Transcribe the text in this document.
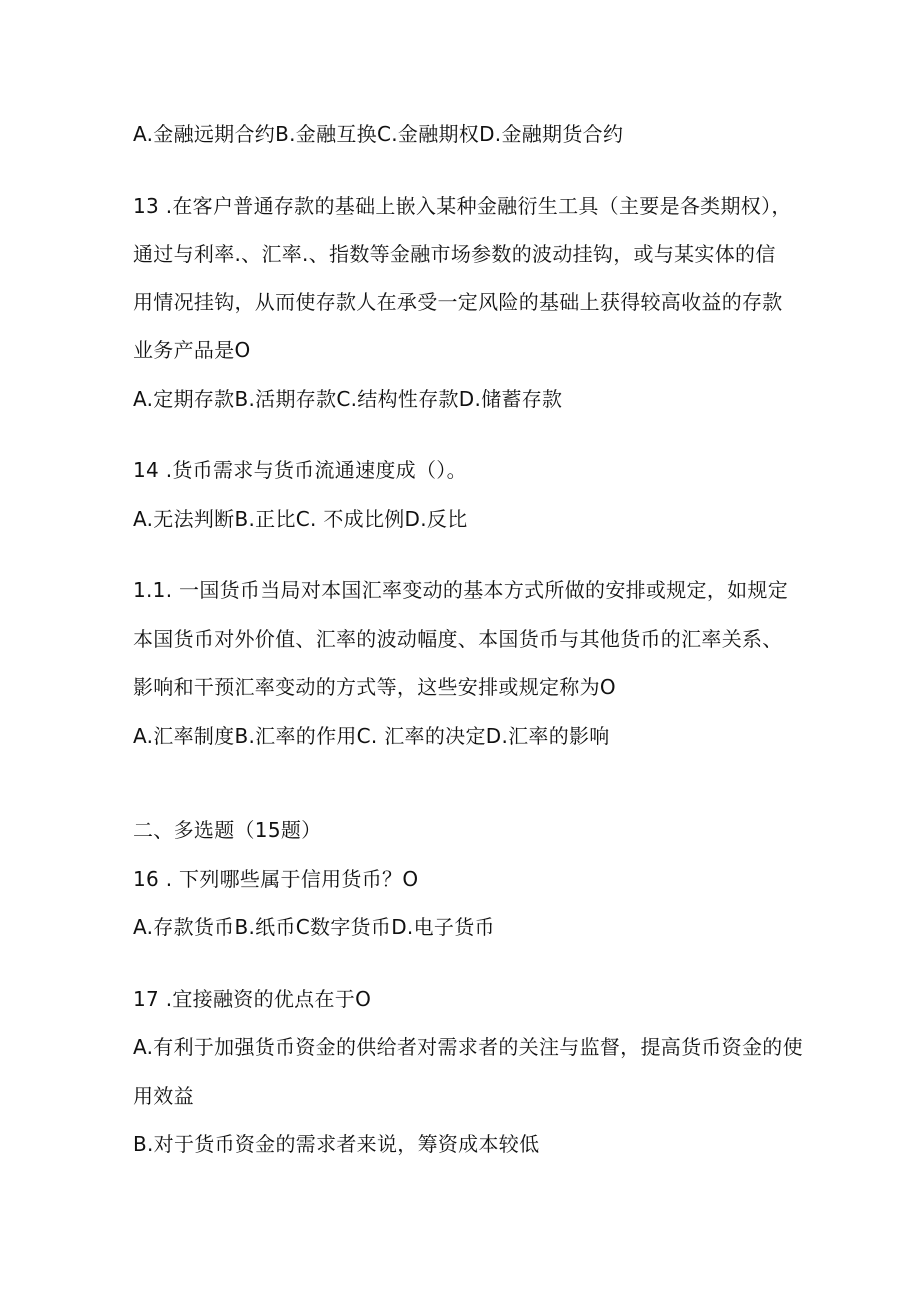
A.金融远期合约B.金融互换C.金融期权D.金融期货合约

13 .在客户普通存款的基础上嵌入某种金融衍生工具（主要是各类期权），

通过与利率.、汇率.、指数等金融市场参数的波动挂钩，或与某实体的信

用情况挂钩，从而使存款人在承受一定风险的基础上获得较高收益的存款

业务产品是O

A.定期存款B.活期存款C.结构性存款D.储蓄存款

14 .货币需求与货币流通速度成（）。

A.无法判断B.正比C. 不成比例D.反比

1.1. 一国货币当局对本国汇率变动的基本方式所做的安排或规定，如规定

本国货币对外价值、汇率的波动幅度、本国货币与其他货币的汇率关系、

影响和干预汇率变动的方式等，这些安排或规定称为O

A.汇率制度B.汇率的作用C. 汇率的决定D.汇率的影响

二、多选题（15题）

16 . 下列哪些属于信用货币？O

A.存款货币B.纸币C数字货币D.电子货币

17 .宜接融资的优点在于O

A.有利于加强货币资金的供给者对需求者的关注与监督，提高货币资金的使

用效益

B.对于货币资金的需求者来说，筹资成本较低
